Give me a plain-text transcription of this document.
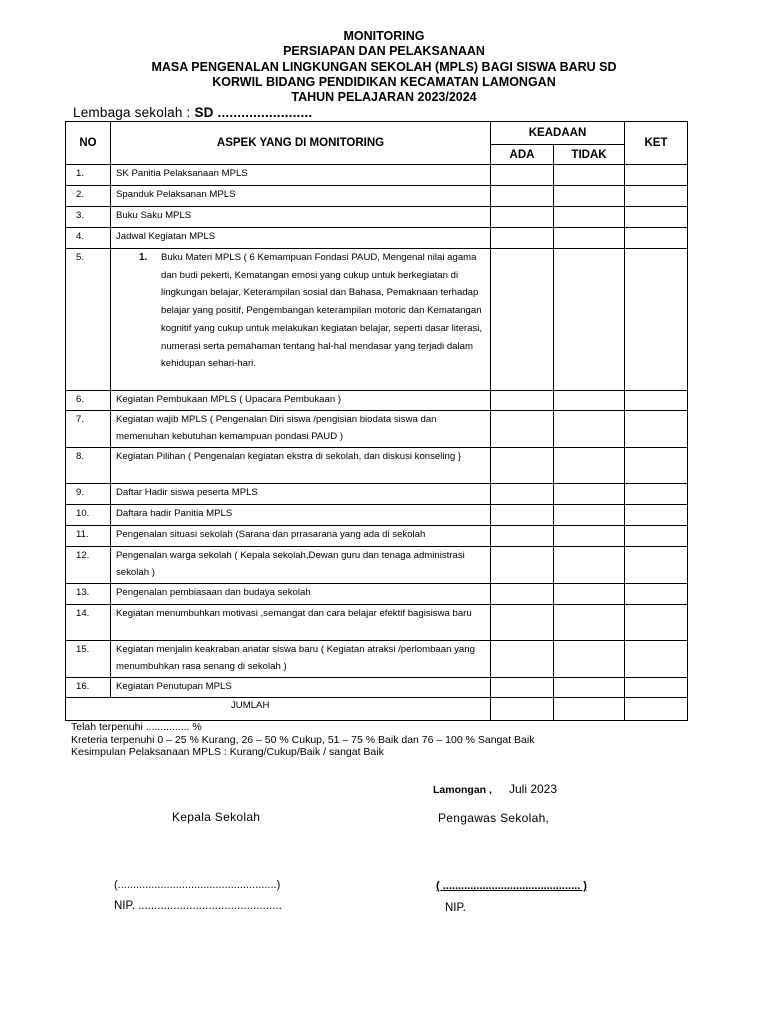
MONITORING
PERSIAPAN DAN PELAKSANAAN
MASA PENGENALAN LINGKUNGAN SEKOLAH (MPLS) BAGI SISWA BARU SD
KORWIL BIDANG PENDIDIKAN KECAMATAN LAMONGAN
TAHUN PELAJARAN 2023/2024
Lembaga sekolah : SD ........................
NO	ASPEK YANG DI MONITORING	KEADAAN		KET
		ADA	TIDAK	
1.	SK Panitia Pelaksanaan MPLS			
2.	Spanduk Pelaksanan MPLS			
3.	Buku Saku MPLS			
4.	Jadwal Kegiatan MPLS			
5.	1. Buku Materi MPLS ( 6 Kemampuan Fondasi PAUD, Mengenal nilai agama dan budi pekerti, Kematangan emosi yang cukup untuk berkegiatan di lingkungan belajar, Keterampilan sosial dan Bahasa, Pemaknaan terhadap belajar yang positif, Pengembangan keterampilan motoric dan Kematangan kognitif yang cukup untuk melakukan kegiatan belajar, seperti dasar literasi, numerasi serta pemahaman tentang hal-hal mendasar yang terjadi dalam kehidupan sehari-hari.			

6.	Kegiatan Pembukaan MPLS ( Upacara Pembukaan )			
7.	Kegiatan wajib MPLS ( Pengenalan Diri siswa /pengisian biodata siswa dan memenuhan kebutuhan kemampuan pondasi PAUD )			
8.	Kegiatan Pilihan ( Pengenalan kegiatan ekstra di sekolah, dan diskusi konseling }			
9.	Daftar Hadir siswa peserta MPLS			
10.	Daftara hadir Panitia MPLS			
11.	Pengenalan situasi sekolah (Sarana dan prrasarana yang ada di sekolah			
12.	Pengenalan warga sekolah ( Kepala sekolah,Dewan guru dan tenaga administrasi sekolah )			
13.	Pengenalan pembiasaan dan budaya sekolah			
14.	Kegiatan menumbuhkan motivasi ,semangat dan cara belajar efektif bagisiswa baru			
15.	Kegiatan menjalin keakraban anatar siswa baru ( Kegiatan atraksi /perlombaan yang menumbuhkan rasa senang di sekolah )			
16.	Kegiatan Penutupan MPLS			
JUMLAH				
Telah terpenuhi ............... %
Kreteria terpenuhi 0 – 25 % Kurang, 26 – 50 % Cukup, 51 – 75 % Baik dan 76 – 100 % Sangat Baik
Kesimpulan Pelaksanaan MPLS : Kurang/Cukup/Baik / sangat Baik
Lamongan , Juli 2023
Kepala Sekolah	Pengawas Sekolah,
(....................................................)
NIP. .............................................
( ............................................. )
NIP.
